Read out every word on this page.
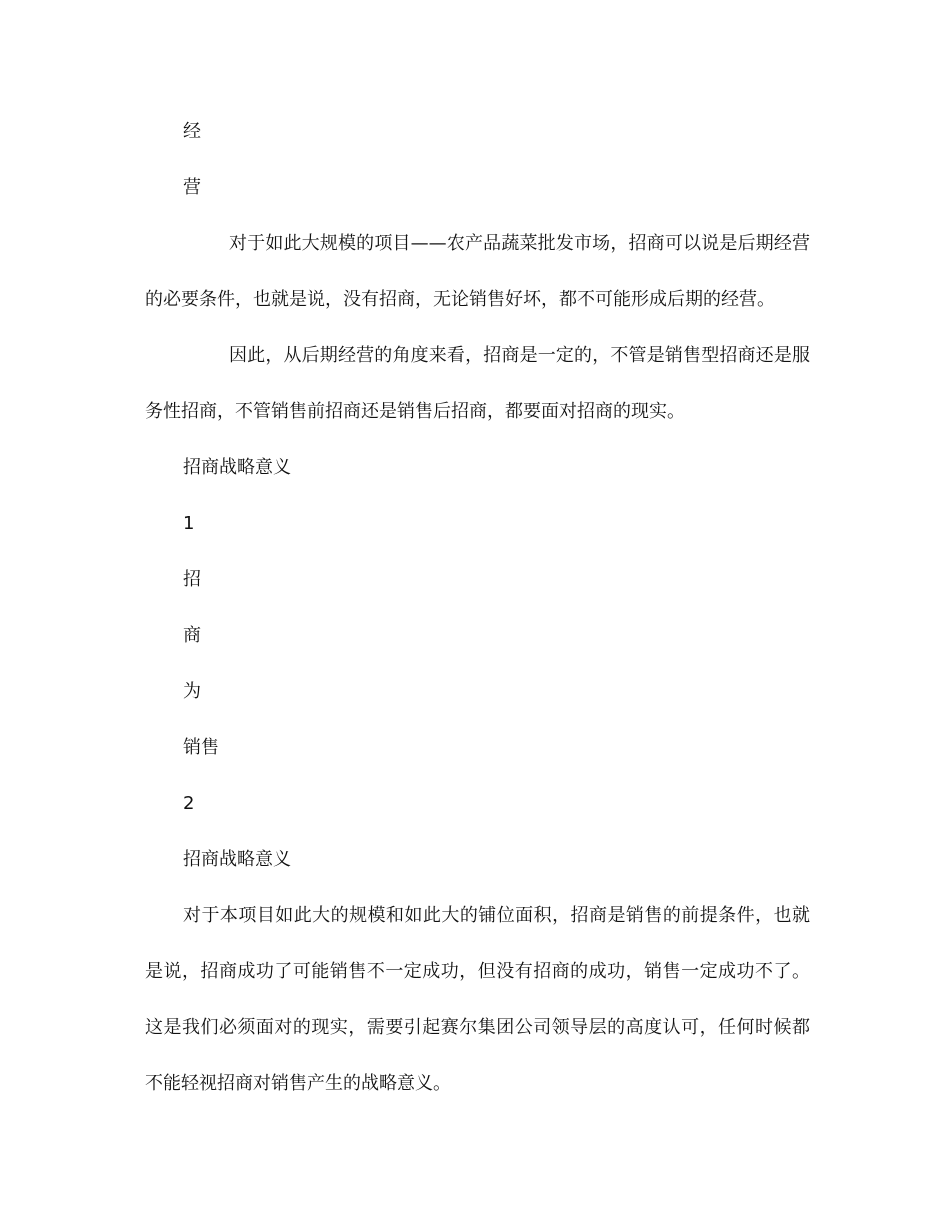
经
营

对于如此大规模的项目——农产品蔬菜批发市场，招商可以说是后期经营的必要条件，也就是说，没有招商，无论销售好坏，都不可能形成后期的经营。

因此，从后期经营的角度来看，招商是一定的，不管是销售型招商还是服务性招商，不管销售前招商还是销售后招商，都要面对招商的现实。

招商战略意义
1
招
商
为
销售
2
招商战略意义

对于本项目如此大的规模和如此大的铺位面积，招商是销售的前提条件，也就是说，招商成功了可能销售不一定成功，但没有招商的成功，销售一定成功不了。这是我们必须面对的现实，需要引起赛尔集团公司领导层的高度认可，任何时候都不能轻视招商对销售产生的战略意义。
